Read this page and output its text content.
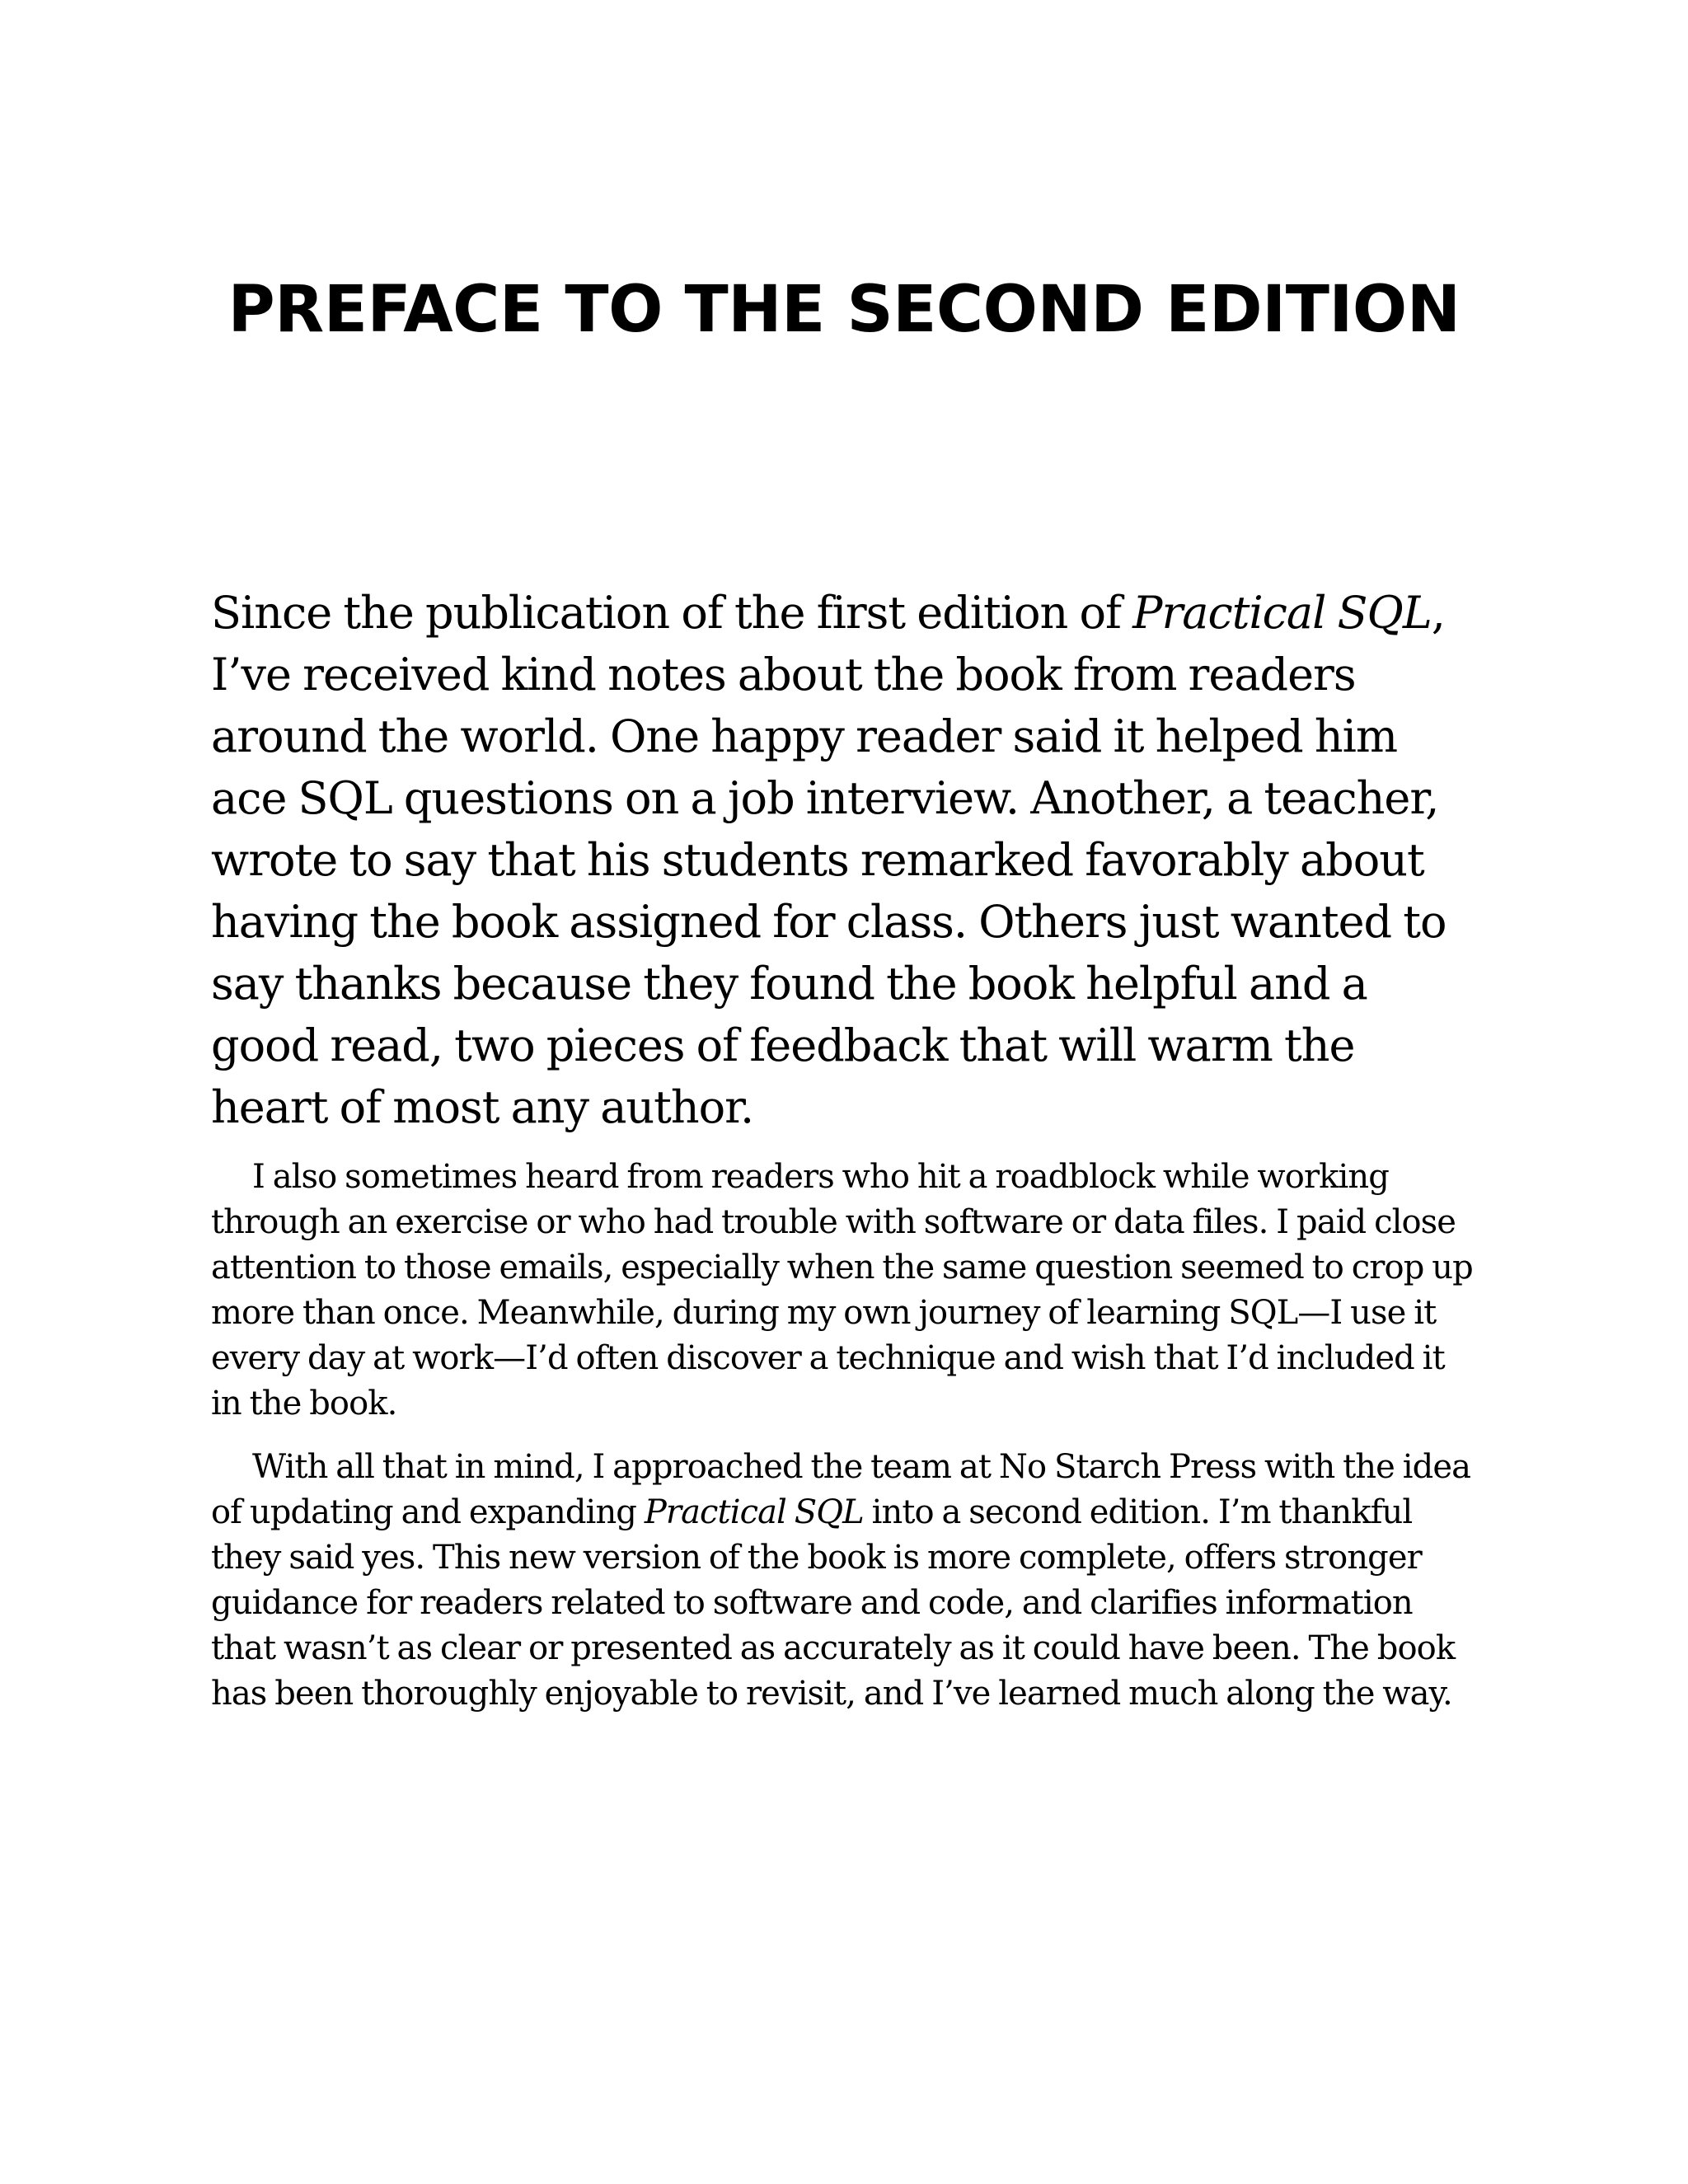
PREFACE TO THE SECOND EDITION

Since the publication of the first edition of Practical SQL, I’ve received kind notes about the book from readers around the world. One happy reader said it helped him ace SQL questions on a job interview. Another, a teacher, wrote to say that his students remarked favorably about having the book assigned for class. Others just wanted to say thanks because they found the book helpful and a good read, two pieces of feedback that will warm the heart of most any author.

I also sometimes heard from readers who hit a roadblock while working through an exercise or who had trouble with software or data files. I paid close attention to those emails, especially when the same question seemed to crop up more than once. Meanwhile, during my own journey of learning SQL—I use it every day at work—I’d often discover a technique and wish that I’d included it in the book.

With all that in mind, I approached the team at No Starch Press with the idea of updating and expanding Practical SQL into a second edition. I’m thankful they said yes. This new version of the book is more complete, offers stronger guidance for readers related to software and code, and clarifies information that wasn’t as clear or presented as accurately as it could have been. The book has been thoroughly enjoyable to revisit, and I’ve learned much along the way.
